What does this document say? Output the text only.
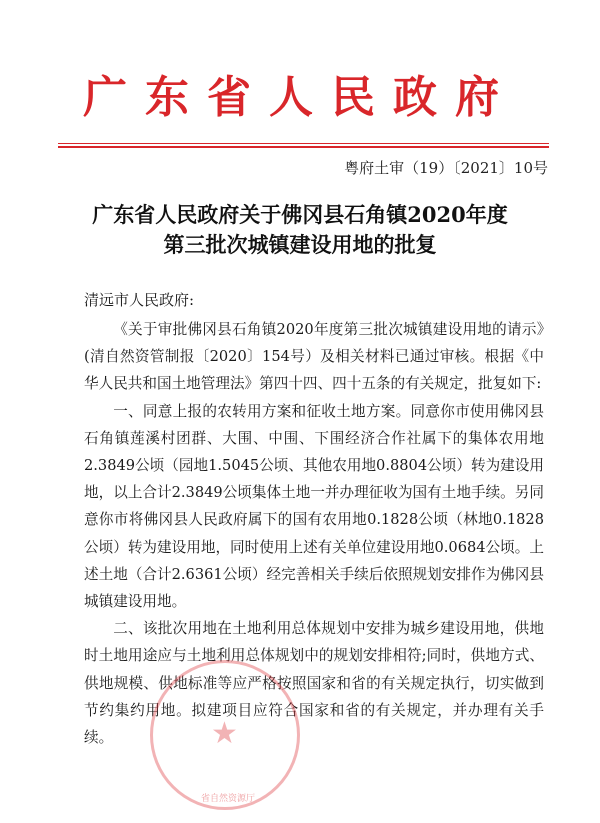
广东省人民政府
粤府土审（19）〔2021〕10号
广东省人民政府关于佛冈县石角镇2020年度
第三批次城镇建设用地的批复
清远市人民政府:

《关于审批佛冈县石角镇2020年度第三批次城镇建设用地的请示》(清自然资管制报〔2020〕154号）及相关材料已通过审核。根据《中华人民共和国土地管理法》第四十四、四十五条的有关规定，批复如下:

一、同意上报的农转用方案和征收土地方案。同意你市使用佛冈县石角镇莲溪村团群、大围、中围、下围经济合作社属下的集体农用地2.3849公顷（园地1.5045公顷、其他农用地0.8804公顷）转为建设用地，以上合计2.3849公顷集体土地一并办理征收为国有土地手续。另同意你市将佛冈县人民政府属下的国有农用地0.1828公顷（林地0.1828公顷）转为建设用地，同时使用上述有关单位建设用地0.0684公顷。上述土地（合计2.6361公顷）经完善相关手续后依照规划安排作为佛冈县城镇建设用地。

二、该批次用地在土地利用总体规划中安排为城乡建设用地，供地时土地用途应与土地利用总体规划中的规划安排相符;同时，供地方式、供地规模、供地标准等应严格按照国家和省的有关规定执行，切实做到节约集约用地。拟建项目应符合国家和省的有关规定，并办理有关手续。	★
省自然资源厅
